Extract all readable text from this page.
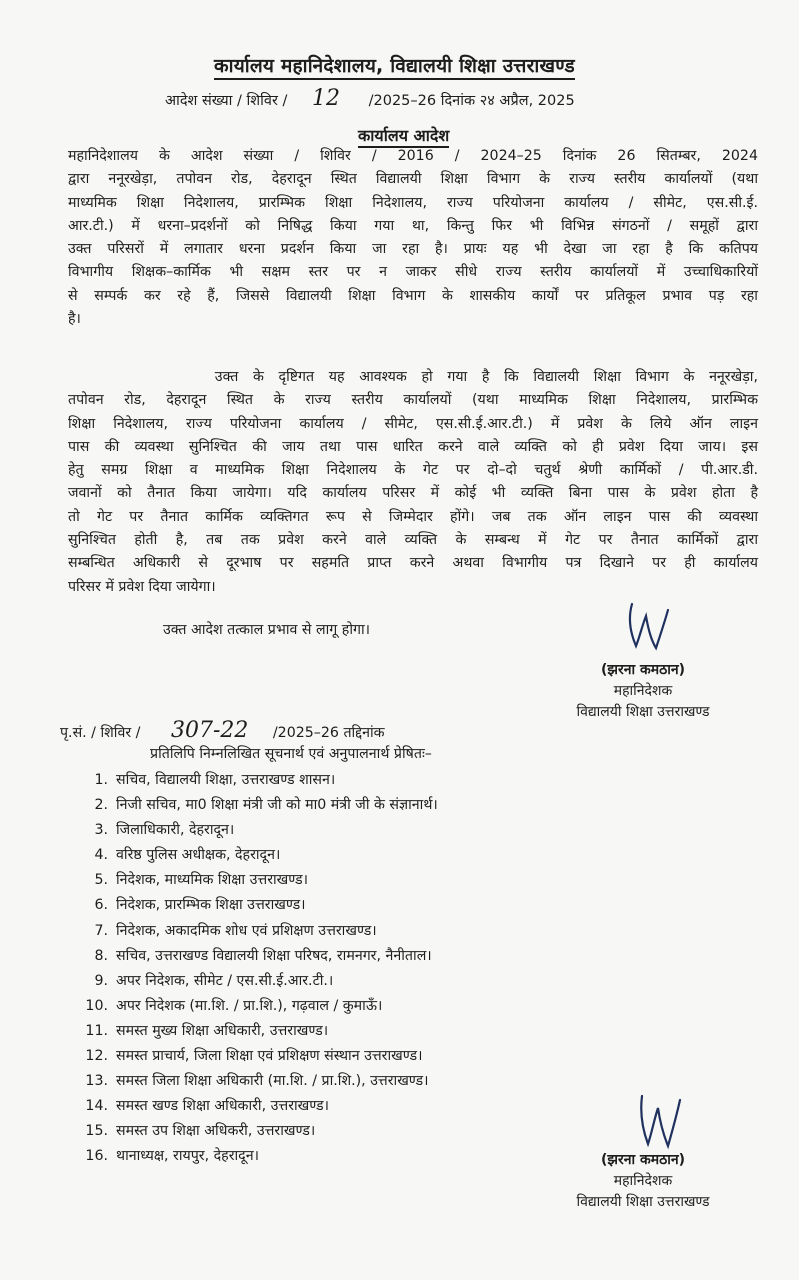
कार्यालय महानिदेशालय, विद्यालयी शिक्षा उत्तराखण्ड
आदेश संख्या / शिविर / 12 /2025–26 दिनांक २४ अप्रैल, 2025
कार्यालय आदेश
महानिदेशालय के आदेश संख्या / शिविर / 2016 / 2024–25 दिनांक 26 सितम्बर, 2024
द्वारा ननूरखेड़ा, तपोवन रोड, देहरादून स्थित विद्यालयी शिक्षा विभाग के राज्य स्तरीय कार्यालयों (यथा
माध्यमिक शिक्षा निदेशालय, प्रारम्भिक शिक्षा निदेशालय, राज्य परियोजना कार्यालय / सीमेट, एस.सी.ई.
आर.टी.) में धरना–प्रदर्शनों को निषिद्ध किया गया था, किन्तु फिर भी विभिन्न संगठनों / समूहों द्वारा
उक्त परिसरों में लगातार धरना प्रदर्शन किया जा रहा है। प्रायः यह भी देखा जा रहा है कि कतिपय
विभागीय शिक्षक–कार्मिक भी सक्षम स्तर पर न जाकर सीधे राज्य स्तरीय कार्यालयों में उच्चाधिकारियों
से सम्पर्क कर रहे हैं, जिससे विद्यालयी शिक्षा विभाग के शासकीय कार्यों पर प्रतिकूल प्रभाव पड़ रहा
है।
उक्त के दृष्टिगत यह आवश्यक हो गया है कि विद्यालयी शिक्षा विभाग के ननूरखेड़ा,
तपोवन रोड, देहरादून स्थित के राज्य स्तरीय कार्यालयों (यथा माध्यमिक शिक्षा निदेशालय, प्रारम्भिक
शिक्षा निदेशालय, राज्य परियोजना कार्यालय / सीमेट, एस.सी.ई.आर.टी.) में प्रवेश के लिये ऑन लाइन
पास की व्यवस्था सुनिश्चित की जाय तथा पास धारित करने वाले व्यक्ति को ही प्रवेश दिया जाय। इस
हेतु समग्र शिक्षा व माध्यमिक शिक्षा निदेशालय के गेट पर दो–दो चतुर्थ श्रेणी कार्मिकों / पी.आर.डी.
जवानों को तैनात किया जायेगा। यदि कार्यालय परिसर में कोई भी व्यक्ति बिना पास के प्रवेश होता है
तो गेट पर तैनात कार्मिक व्यक्तिगत रूप से जिम्मेदार होंगे। जब तक ऑन लाइन पास की व्यवस्था
सुनिश्चित होती है, तब तक प्रवेश करने वाले व्यक्ति के सम्बन्ध में गेट पर तैनात कार्मिकों द्वारा
सम्बन्धित अधिकारी से दूरभाष पर सहमति प्राप्त करने अथवा विभागीय पत्र दिखाने पर ही कार्यालय
परिसर में प्रवेश दिया जायेगा।
उक्त आदेश तत्काल प्रभाव से लागू होगा।
(झरना कमठान)
महानिदेशक
विद्यालयी शिक्षा उत्तराखण्ड
पृ.सं. / शिविर / 307-22 /2025–26 तद्दिनांक
प्रतिलिपि निम्नलिखित सूचनार्थ एवं अनुपालनार्थ प्रेषितः–
1. सचिव, विद्यालयी शिक्षा, उत्तराखण्ड शासन।
2. निजी सचिव, मा0 शिक्षा मंत्री जी को मा0 मंत्री जी के संज्ञानार्थ।
3. जिलाधिकारी, देहरादून।
4. वरिष्ठ पुलिस अधीक्षक, देहरादून।
5. निदेशक, माध्यमिक शिक्षा उत्तराखण्ड।
6. निदेशक, प्रारम्भिक शिक्षा उत्तराखण्ड।
7. निदेशक, अकादमिक शोध एवं प्रशिक्षण उत्तराखण्ड।
8. सचिव, उत्तराखण्ड विद्यालयी शिक्षा परिषद, रामनगर, नैनीताल।
9. अपर निदेशक, सीमेट / एस.सी.ई.आर.टी.।
10. अपर निदेशक (मा.शि. / प्रा.शि.), गढ़वाल / कुमाऊँ।
11. समस्त मुख्य शिक्षा अधिकारी, उत्तराखण्ड।
12. समस्त प्राचार्य, जिला शिक्षा एवं प्रशिक्षण संस्थान उत्तराखण्ड।
13. समस्त जिला शिक्षा अधिकारी (मा.शि. / प्रा.शि.), उत्तराखण्ड।
14. समस्त खण्ड शिक्षा अधिकारी, उत्तराखण्ड।
15. समस्त उप शिक्षा अधिकरी, उत्तराखण्ड।
16. थानाध्यक्ष, रायपुर, देहरादून।	(झरना कमठान)
महानिदेशक
विद्यालयी शिक्षा उत्तराखण्ड
